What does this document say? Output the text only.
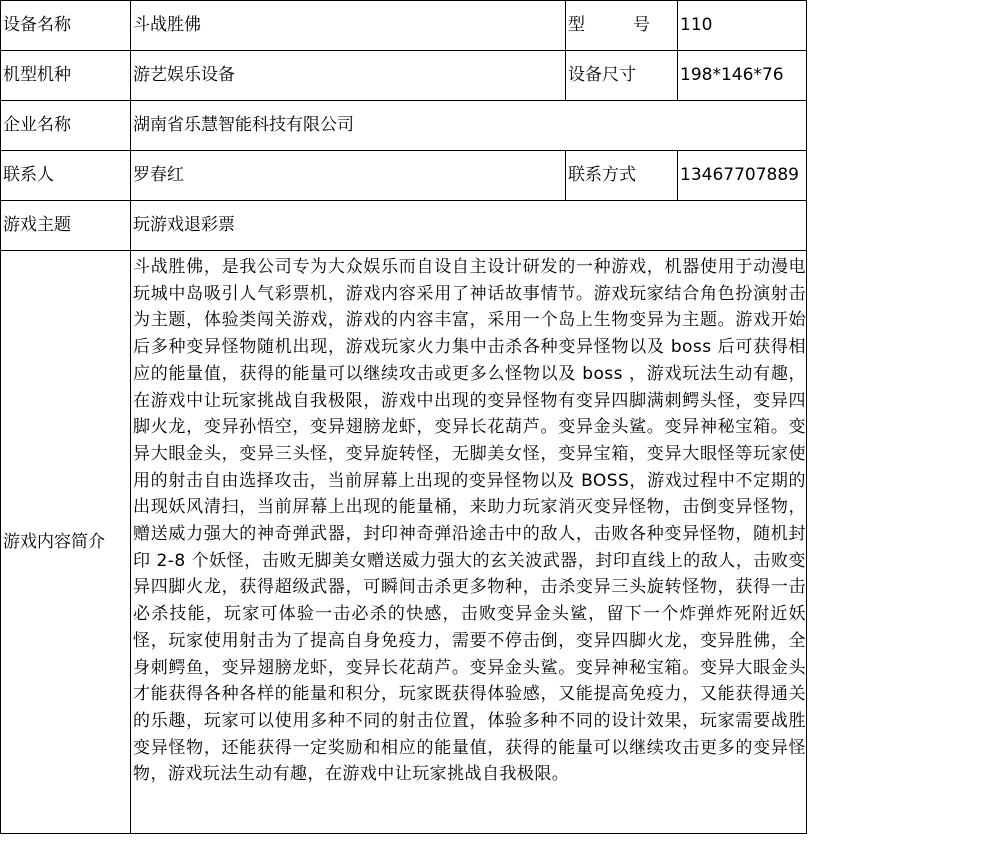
设备名称	斗战胜佛	型 号	110
机型机种	游艺娱乐设备	设备尺寸	198*146*76
企业名称	湖南省乐慧智能科技有限公司		
联系人	罗春红	联系方式	13467707889
游戏主题	玩游戏退彩票		
游戏内容简介	斗战胜佛，是我公司专为大众娱乐而自设自主设计研发的一种游戏，机器使用于动漫电玩城中岛吸引人气彩票机，游戏内容采用了神话故事情节。游戏玩家结合角色扮演射击为主题，体验类闯关游戏，游戏的内容丰富，采用一个岛上生物变异为主题。游戏开始后多种变异怪物随机出现，游戏玩家火力集中击杀各种变异怪物以及 boss 后可获得相应的能量值，获得的能量可以继续攻击或更多么怪物以及 boss ，游戏玩法生动有趣，在游戏中让玩家挑战自我极限，游戏中出现的变异怪物有变异四脚满刺鳄头怪，变异四脚火龙，变异孙悟空，变异翅膀龙虾，变异长花葫芦。变异金头鲨。变异神秘宝箱。变异大眼金头，变异三头怪，变异旋转怪，无脚美女怪，变异宝箱，变异大眼怪等玩家使用的射击自由选择攻击，当前屏幕上出现的变异怪物以及 BOSS，游戏过程中不定期的出现妖风清扫，当前屏幕上出现的能量桶，来助力玩家消灭变异怪物，击倒变异怪物，赠送威力强大的神奇弹武器，封印神奇弹沿途击中的敌人，击败各种变异怪物，随机封印 2-8 个妖怪，击败无脚美女赠送威力强大的玄关波武器，封印直线上的敌人，击败变异四脚火龙，获得超级武器，可瞬间击杀更多物种，击杀变异三头旋转怪物，获得一击必杀技能，玩家可体验一击必杀的快感，击败变异金头鲨，留下一个炸弹炸死附近妖怪，玩家使用射击为了提高自身免疫力，需要不停击倒，变异四脚火龙，变异胜佛，全身刺鳄鱼，变异翅膀龙虾，变异长花葫芦。变异金头鲨。变异神秘宝箱。变异大眼金头才能获得各种各样的能量和积分，玩家既获得体验感，又能提高免疫力，又能获得通关的乐趣，玩家可以使用多种不同的射击位置，体验多种不同的设计效果，玩家需要战胜变异怪物，还能获得一定奖励和相应的能量值，获得的能量可以继续攻击更多的变异怪物，游戏玩法生动有趣，在游戏中让玩家挑战自我极限。		
